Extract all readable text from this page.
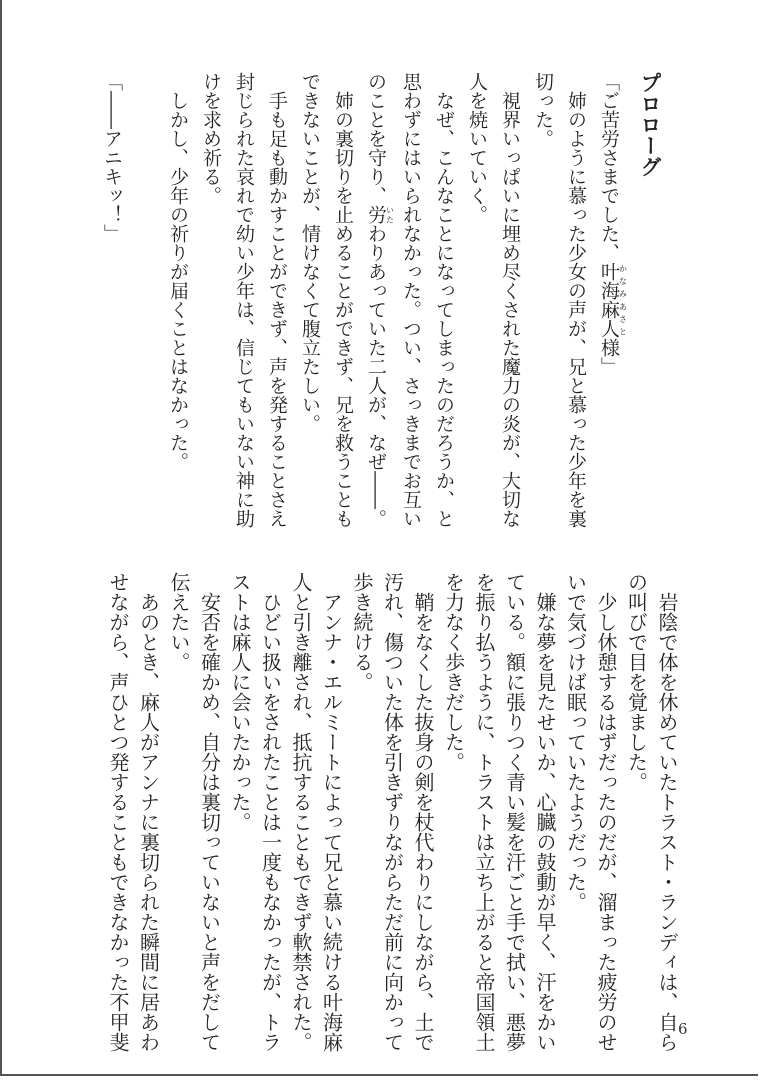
プロローグ
「ご苦労さまでした、叶海麻人かなみあさと様」
　姉のように慕った少女の声が、兄と慕った少年を裏
切った。
　視界いっぱいに埋め尽くされた魔力の炎が、大切な
人を焼いていく。
　なぜ、こんなことになってしまったのだろうか、と
思わずにはいられなかった。つい、さっきまでお互い
のことを守り、労いたわりあっていた二人が、なぜ――。
　姉の裏切りを止めることができず、兄を救うことも
できないことが、情けなくて腹立たしい。
　手も足も動かすことができず、声を発することさえ
封じられた哀れで幼い少年は、信じてもいない神に助
けを求め祈る。
　しかし、少年の祈りが届くことはなかった。

「――アニキッ！」
　岩陰で体を休めていたトラスト・ランディは、自ら
の叫びで目を覚ました。
　少し休憩するはずだったのだが、溜まった疲労のせ
いで気づけば眠っていたようだった。
　嫌な夢を見たせいか、心臓の鼓動が早く、汗をかい
ている。額に張りつく青い髪を汗ごと手で拭い、悪夢
を振り払うように、トラストは立ち上がると帝国領土
を力なく歩きだした。
　鞘をなくした抜身の剣を杖代わりにしながら、土で
汚れ、傷ついた体を引きずりながらただ前に向かって
歩き続ける。
　アンナ・エルミートによって兄と慕い続ける叶海麻
人と引き離され、抵抗することもできず軟禁された。
　ひどい扱いをされたことは一度もなかったが、トラ
ストは麻人に会いたかった。
　安否を確かめ、自分は裏切っていないと声をだして
伝えたい。
　あのとき、麻人がアンナに裏切られた瞬間に居あわ
せながら、声ひとつ発することもできなかった不甲斐	6
